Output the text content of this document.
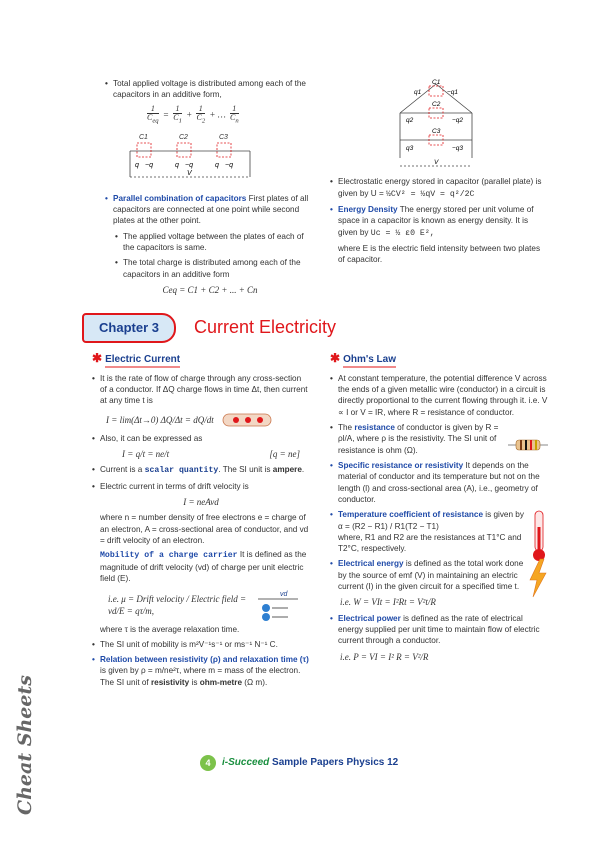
• Total applied voltage is distributed among each of the capacitors in an additive form,
$\frac{1}{C_{eq}} = \frac{1}{C_1} + \frac{1}{C_2}$ + … $\frac{1}{C_n}$
C1	C2	C3
q −q	q −q	q −q
V
• Parallel combination of capacitors First plates of all capacitors are connected at one point while second plates at the other point.
• The applied voltage between the plates of each of the capacitors is same.
• The total charge is distributed among each of the capacitors in an additive form
Ceq = C1 + C2 + ... + Cn
C1
C2
C3
q1
q2
q3
−q1
−q2
−q3
V
• Electrostatic energy stored in capacitor (parallel plate) is given by U = ½CV² = ½qV = q²/2C
• Energy Density The energy stored per unit volume of space in a capacitor is known as energy density. It is given by Uc = ½ ε0 E²,

where E is the electric field intensity between two plates of capacitor.

Chapter 3 Current Electricity
✱ Electric Current
• It is the rate of flow of charge through any cross-section of a conductor. If ΔQ charge flows in time Δt, then current at any time t is
I = lim(Δt→0) ΔQ/Δt = dQ/dt
• Also, it can be expressed as
I = q/t = ne/t	[q = ne]
• Current is a scalar quantity. The SI unit is ampere.
• Electric current in terms of drift velocity is
I = neAvd

where n = number density of free electrons e = charge of an electron, A = cross-sectional area of conductor, and vd = drift velocity of an electron.

Mobility of a charge carrier It is defined as the magnitude of drift velocity (vd) of charge per unit electric field (E).

i.e. μ = Drift velocity / Electric field = vd/E = qτ/m,
vd

where τ is the average relaxation time.

• The SI unit of mobility is m²V⁻¹s⁻¹ or ms⁻¹ N⁻¹ C.
• Relation between resistivity (ρ) and relaxation time (τ) is given by ρ = m/ne²τ, where m = mass of the electron. The SI unit of resistivity is ohm-metre (Ω m).
✱ Ohm's Law
• At constant temperature, the potential difference V across the ends of a given metallic wire (conductor) in a circuit is directly proportional to the current flowing through it. i.e. V ∝ I or V = IR, where R = resistance of conductor.
• The resistance of conductor is given by R = ρl/A, where ρ is the resistivity. The SI unit of resistance is ohm (Ω).
• Specific resistance or resistivity It depends on the material of conductor and its temperature but not on the length (l) and cross-sectional area (A), i.e., geometry of conductor.
• Temperature coefficient of resistance is given by α = (R2 − R1) / R1(T2 − T1)
where, R1 and R2 are the resistances at T1°C and T2°C, respectively.
• Electrical energy is defined as the total work done by the source of emf (V) in maintaining an electric current (I) in the given circuit for a specified time t.
i.e. W = VIt = I²Rt = V²t/R
• Electrical power is defined as the rate of electrical energy supplied per unit time to maintain flow of electric current through a conductor.
i.e. P = VI = I² R = V²/R
Cheat Sheets	4	i-Succeed Sample Papers Physics 12
